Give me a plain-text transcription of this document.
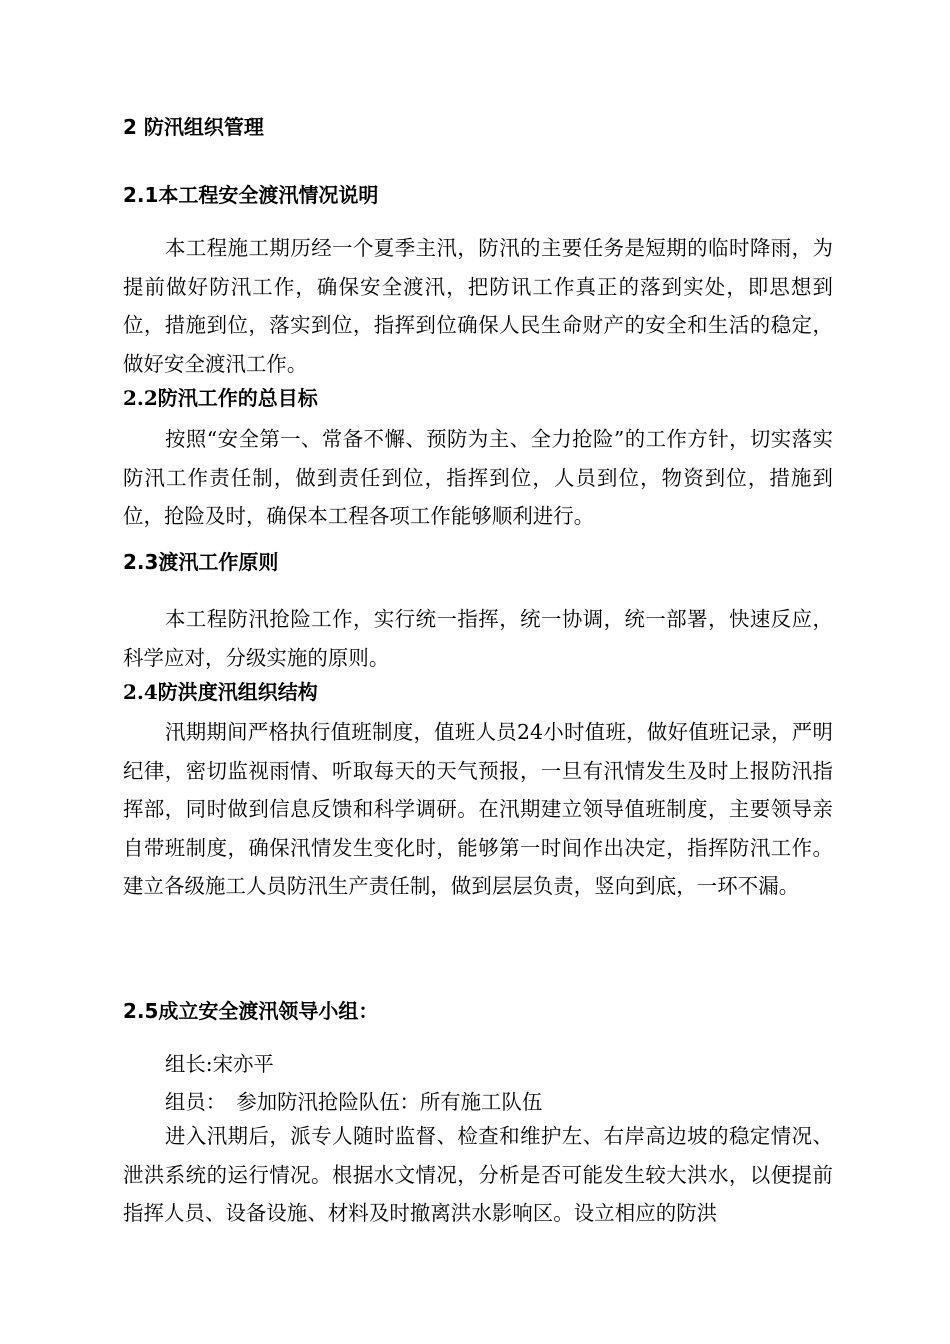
2 防汛组织管理

2.1本工程安全渡汛情况说明

本工程施工期历经一个夏季主汛，防汛的主要任务是短期的临时降雨，为提前做好防汛工作，确保安全渡汛，把防讯工作真正的落到实处，即思想到位，措施到位，落实到位，指挥到位确保人民生命财产的安全和生活的稳定，做好安全渡汛工作。

2.2防汛工作的总目标

按照“安全第一、常备不懈、预防为主、全力抢险”的工作方针，切实落实防汛工作责任制，做到责任到位，指挥到位，人员到位，物资到位，措施到位，抢险及时，确保本工程各项工作能够顺利进行。

2.3渡汛工作原则

本工程防汛抢险工作，实行统一指挥，统一协调，统一部署，快速反应，科学应对，分级实施的原则。

2.4防洪度汛组织结构

汛期期间严格执行值班制度，值班人员24小时值班，做好值班记录，严明纪律，密切监视雨情、听取每天的天气预报，一旦有汛情发生及时上报防汛指挥部，同时做到信息反馈和科学调研。在汛期建立领导值班制度，主要领导亲自带班制度，确保汛情发生变化时，能够第一时间作出决定，指挥防汛工作。建立各级施工人员防汛生产责任制，做到层层负责，竖向到底，一环不漏。

2.5成立安全渡汛领导小组：

组长:宋亦平

组员：　参加防汛抢险队伍：所有施工队伍

进入汛期后，派专人随时监督、检查和维护左、右岸高边坡的稳定情况、泄洪系统的运行情况。根据水文情况，分析是否可能发生较大洪水，以便提前指挥人员、设备设施、材料及时撤离洪水影响区。设立相应的防洪
